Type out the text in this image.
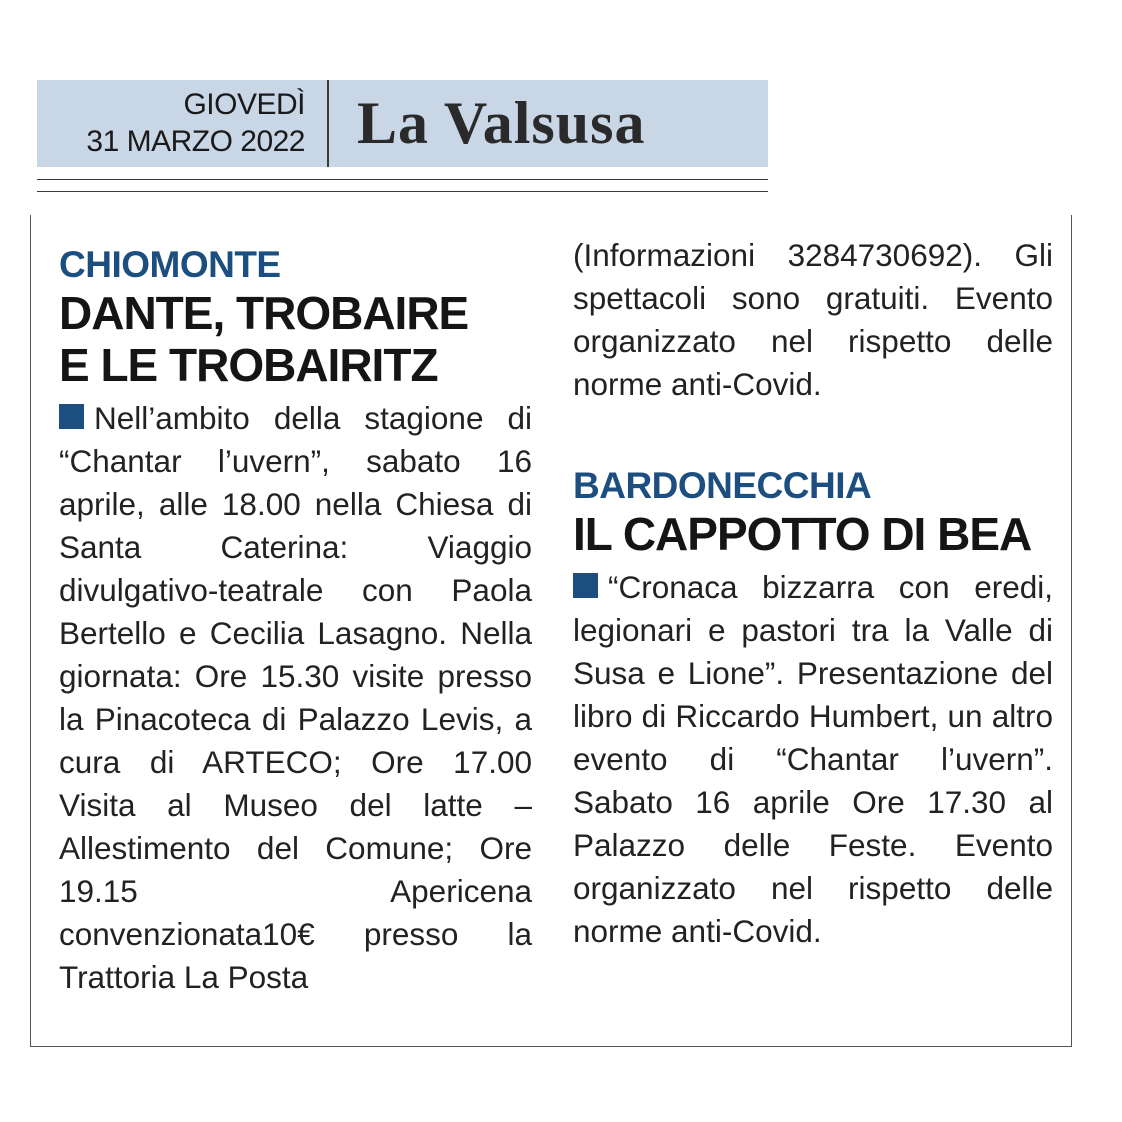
GIOVEDÌ
31 MARZO 2022 La Valsusa

CHIOMONTE

DANTE, TROBAIRE
E LE TROBAIRITZ

Nell’ambito della stagione di “Chantar l’uvern”, sabato 16 aprile, alle 18.00 nella Chiesa di Santa Caterina: Viaggio divulgativo-teatrale con Paola Bertello e Cecilia Lasagno. Nella giornata: Ore 15.30 visite presso la Pinacoteca di Palazzo Levis, a cura di ARTECO; Ore 17.00 Visita al Museo del latte – Allestimento del Comune; Ore 19.15 Apericena convenzionata10€ presso la Trattoria La Posta

(Informazioni 3284730692). Gli spettacoli sono gratuiti. Evento organizzato nel rispetto delle norme anti-Covid.

BARDONECCHIA

IL CAPPOTTO DI BEA

“Cronaca bizzarra con eredi, legionari e pastori tra la Valle di Susa e Lione”. Presentazione del libro di Riccardo Humbert, un altro evento di “Chantar l’uvern”. Sabato 16 aprile Ore 17.30 al Palazzo delle Feste. Evento organizzato nel rispetto delle norme anti-Covid.
